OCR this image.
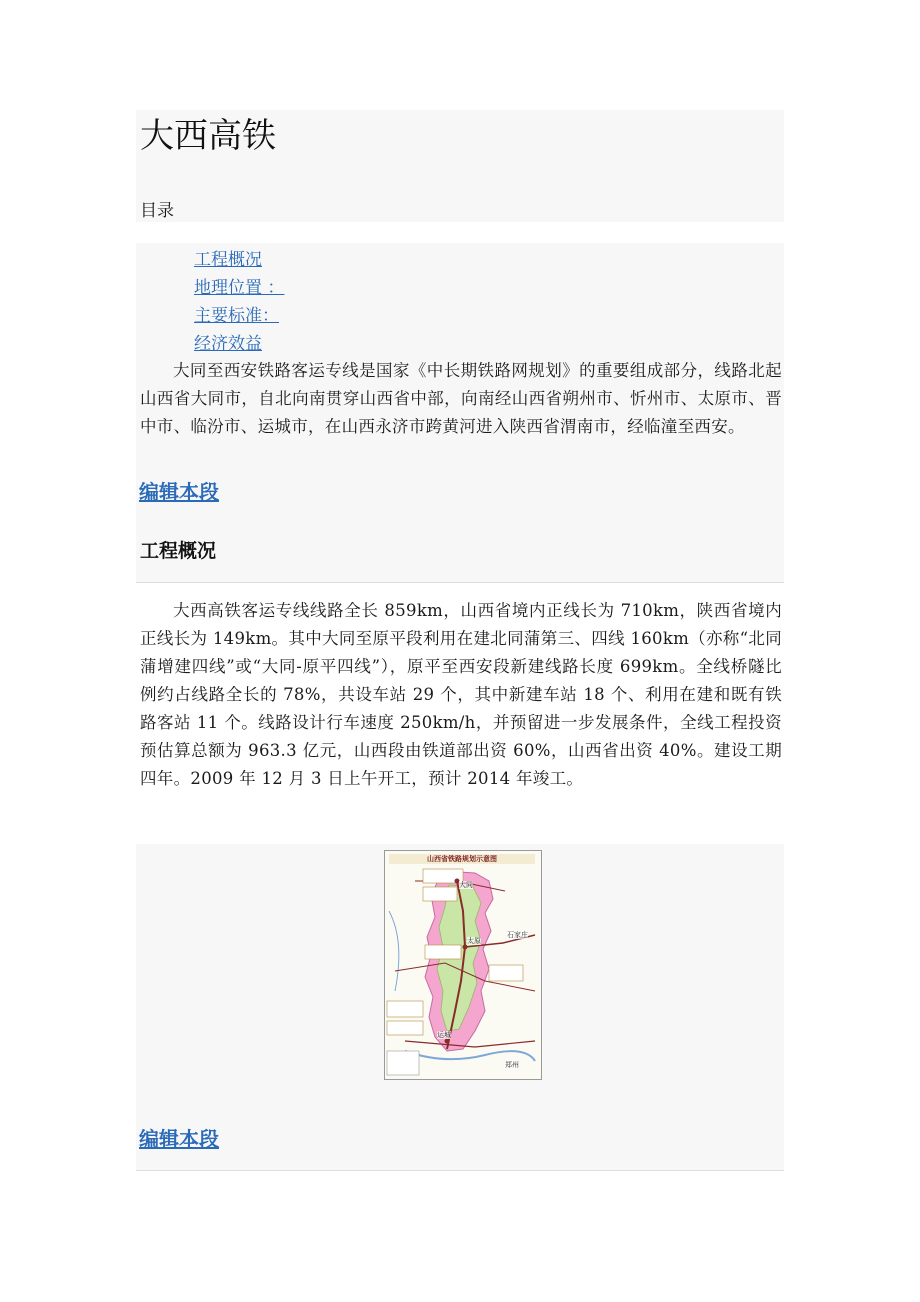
大西高铁
目录
工程概况
地理位置 ：
主要标准：
经济效益

大同至西安铁路客运专线是国家《中长期铁路网规划》的重要组成部分，线路北起山西省大同市，自北向南贯穿山西省中部，向南经山西省朔州市、忻州市、太原市、晋中市、临汾市、运城市，在山西永济市跨黄河进入陕西省渭南市，经临潼至西安。

编辑本段
工程概况

大西高铁客运专线线路全长 859km，山西省境内正线长为 710km，陕西省境内正线长为 149km。其中大同至原平段利用在建北同蒲第三、四线 160km（亦称“北同蒲增建四线”或“大同-原平四线”），原平至西安段新建线路长度 699km。全线桥隧比例约占线路全长的 78%，共设车站 29 个，其中新建车站 18 个、利用在建和既有铁路客站 11 个。线路设计行车速度 250km/h，并预留进一步发展条件，全线工程投资预估算总额为 963.3 亿元，山西段由铁道部出资 60%，山西省出资 40%。建设工期四年。2009 年 12 月 3 日上午开工，预计 2014 年竣工。

山西省铁路规划示意图
大同
太原
石家庄
运城
郑州
编辑本段
